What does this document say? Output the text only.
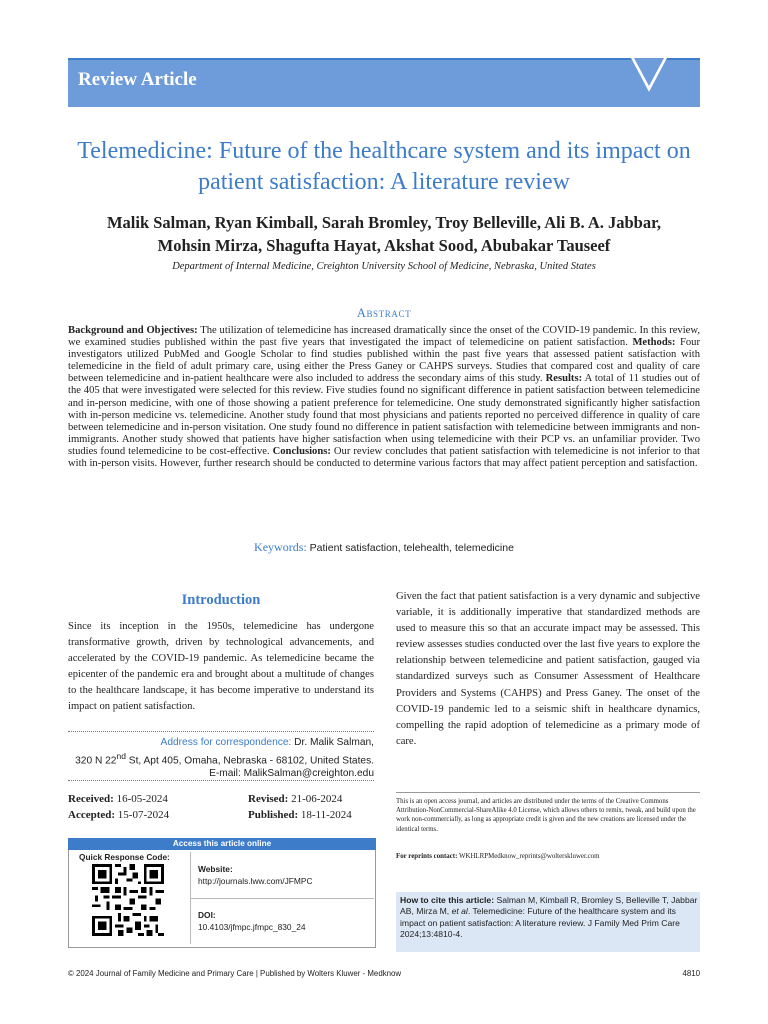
Review Article
Telemedicine: Future of the healthcare system and its impact on patient satisfaction: A literature review
Malik Salman, Ryan Kimball, Sarah Bromley, Troy Belleville, Ali B. A. Jabbar,
Mohsin Mirza, Shagufta Hayat, Akshat Sood, Abubakar Tauseef
Department of Internal Medicine, Creighton University School of Medicine, Nebraska, United States
Abstract
Background and Objectives: The utilization of telemedicine has increased dramatically since the onset of the COVID-19 pandemic. In this review, we examined studies published within the past five years that investigated the impact of telemedicine on patient satisfaction. Methods: Four investigators utilized PubMed and Google Scholar to find studies published within the past five years that assessed patient satisfaction with telemedicine in the field of adult primary care, using either the Press Ganey or CAHPS surveys. Studies that compared cost and quality of care between telemedicine and in-patient healthcare were also included to address the secondary aims of this study. Results: A total of 11 studies out of the 405 that were investigated were selected for this review. Five studies found no significant difference in patient satisfaction between telemedicine and in-person medicine, with one of those showing a patient preference for telemedicine. One study demonstrated significantly higher satisfaction with in-person medicine vs. telemedicine. Another study found that most physicians and patients reported no perceived difference in quality of care between telemedicine and in-person visitation. One study found no difference in patient satisfaction with telemedicine between immigrants and non-immigrants. Another study showed that patients have higher satisfaction when using telemedicine with their PCP vs. an unfamiliar provider. Two studies found telemedicine to be cost-effective. Conclusions: Our review concludes that patient satisfaction with telemedicine is not inferior to that with in-person visits. However, further research should be conducted to determine various factors that may affect patient perception and satisfaction.
Keywords: Patient satisfaction, telehealth, telemedicine
Introduction
Since its inception in the 1950s, telemedicine has undergone transformative growth, driven by technological advancements, and accelerated by the COVID-19 pandemic. As telemedicine became the epicenter of the pandemic era and brought about a multitude of changes to the healthcare landscape, it has become imperative to understand its impact on patient satisfaction.
Given the fact that patient satisfaction is a very dynamic and subjective variable, it is additionally imperative that standardized methods are used to measure this so that an accurate impact may be assessed. This review assesses studies conducted over the last five years to explore the relationship between telemedicine and patient satisfaction, gauged via standardized surveys such as Consumer Assessment of Healthcare Providers and Systems (CAHPS) and Press Ganey. The onset of the COVID-19 pandemic led to a seismic shift in healthcare dynamics, compelling the rapid adoption of telemedicine as a primary mode of care.
Address for correspondence: Dr. Malik Salman,
320 N 22nd St, Apt 405, Omaha, Nebraska - 68102, United States.
E-mail: MalikSalman@creighton.edu
Received: 16-05-2024	Revised: 21-06-2024
Accepted: 15-07-2024	Published: 18-11-2024
Access this article online
Quick Response Code:
Website:
http://journals.lww.com/JFMPC
DOI:
10.4103/jfmpc.jfmpc_830_24
This is an open access journal, and articles are distributed under the terms of the Creative Commons Attribution-NonCommercial-ShareAlike 4.0 License, which allows others to remix, tweak, and build upon the work non-commercially, as long as appropriate credit is given and the new creations are licensed under the identical terms.
For reprints contact: WKHLRPMedknow_reprints@wolterskluwer.com
How to cite this article: Salman M, Kimball R, Bromley S, Belleville T, Jabbar AB, Mirza M, et al. Telemedicine: Future of the healthcare system and its impact on patient satisfaction: A literature review. J Family Med Prim Care 2024;13:4810-4.
© 2024 Journal of Family Medicine and Primary Care | Published by Wolters Kluwer - Medknow	4810
